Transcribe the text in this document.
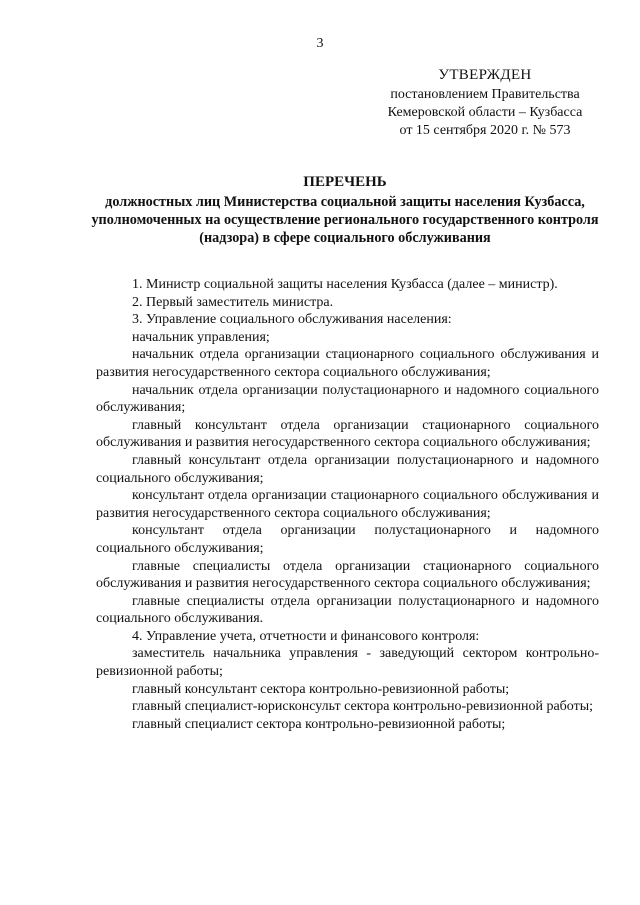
3
УТВЕРЖДЕН
постановлением Правительства
Кемеровской области – Кузбасса
от 15 сентября 2020 г. № 573
ПЕРЕЧЕНЬ
должностных лиц Министерства социальной защиты населения Кузбасса, уполномоченных на осуществление регионального государственного контроля (надзора) в сфере социального обслуживания

1. Министр социальной защиты населения Кузбасса (далее – министр).

2. Первый заместитель министра.

3. Управление социального обслуживания населения:

начальник управления;

начальник отдела организации стационарного социального обслуживания и развития негосударственного сектора социального обслуживания;

начальник отдела организации полустационарного и надомного социального обслуживания;

главный консультант отдела организации стационарного социального обслуживания и развития негосударственного сектора социального обслуживания;

главный консультант отдела организации полустационарного и надомного социального обслуживания;

консультант отдела организации стационарного социального обслуживания и развития негосударственного сектора социального обслуживания;

консультант отдела организации полустационарного и надомного социального обслуживания;

главные специалисты отдела организации стационарного социального обслуживания и развития негосударственного сектора социального обслуживания;

главные специалисты отдела организации полустационарного и надомного социального обслуживания.

4. Управление учета, отчетности и финансового контроля:

заместитель начальника управления - заведующий сектором контрольно-ревизионной работы;

главный консультант сектора контрольно-ревизионной работы;

главный специалист-юрисконсульт сектора контрольно-ревизионной работы;

главный специалист сектора контрольно-ревизионной работы;
